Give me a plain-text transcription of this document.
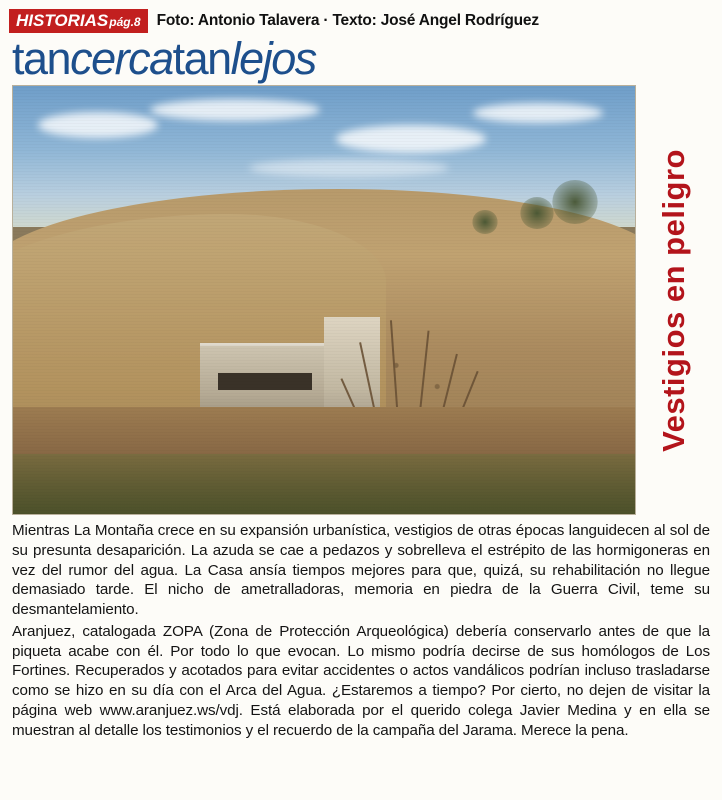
HISTORIAS pág.8 Foto: Antonio Talavera · Texto: José Angel Rodríguez
tancercatanlejos
Vestigios en peligro

Mientras La Montaña crece en su expansión urbanística, vestigios de otras épocas languidecen al sol de su presunta desaparición. La azuda se cae a pedazos y sobrelleva el estrépito de las hormigoneras en vez del rumor del agua. La Casa ansía tiempos mejores para que, quizá, su rehabilitación no llegue demasiado tarde. El nicho de ametralladoras, memoria en piedra de la Guerra Civil, teme su desmantelamiento.

Aranjuez, catalogada ZOPA (Zona de Protección Arqueológica) debería conservarlo antes de que la piqueta acabe con él. Por todo lo que evocan. Lo mismo podría decirse de sus homólogos de Los Fortines. Recuperados y acotados para evitar accidentes o actos vandálicos podrían incluso trasladarse como se hizo en su día con el Arca del Agua. ¿Estaremos a tiempo? Por cierto, no dejen de visitar la página web www.aranjuez.ws/vdj. Está elaborada por el querido colega Javier Medina y en ella se muestran al detalle los testimonios y el recuerdo de la campaña del Jarama. Merece la pena.
